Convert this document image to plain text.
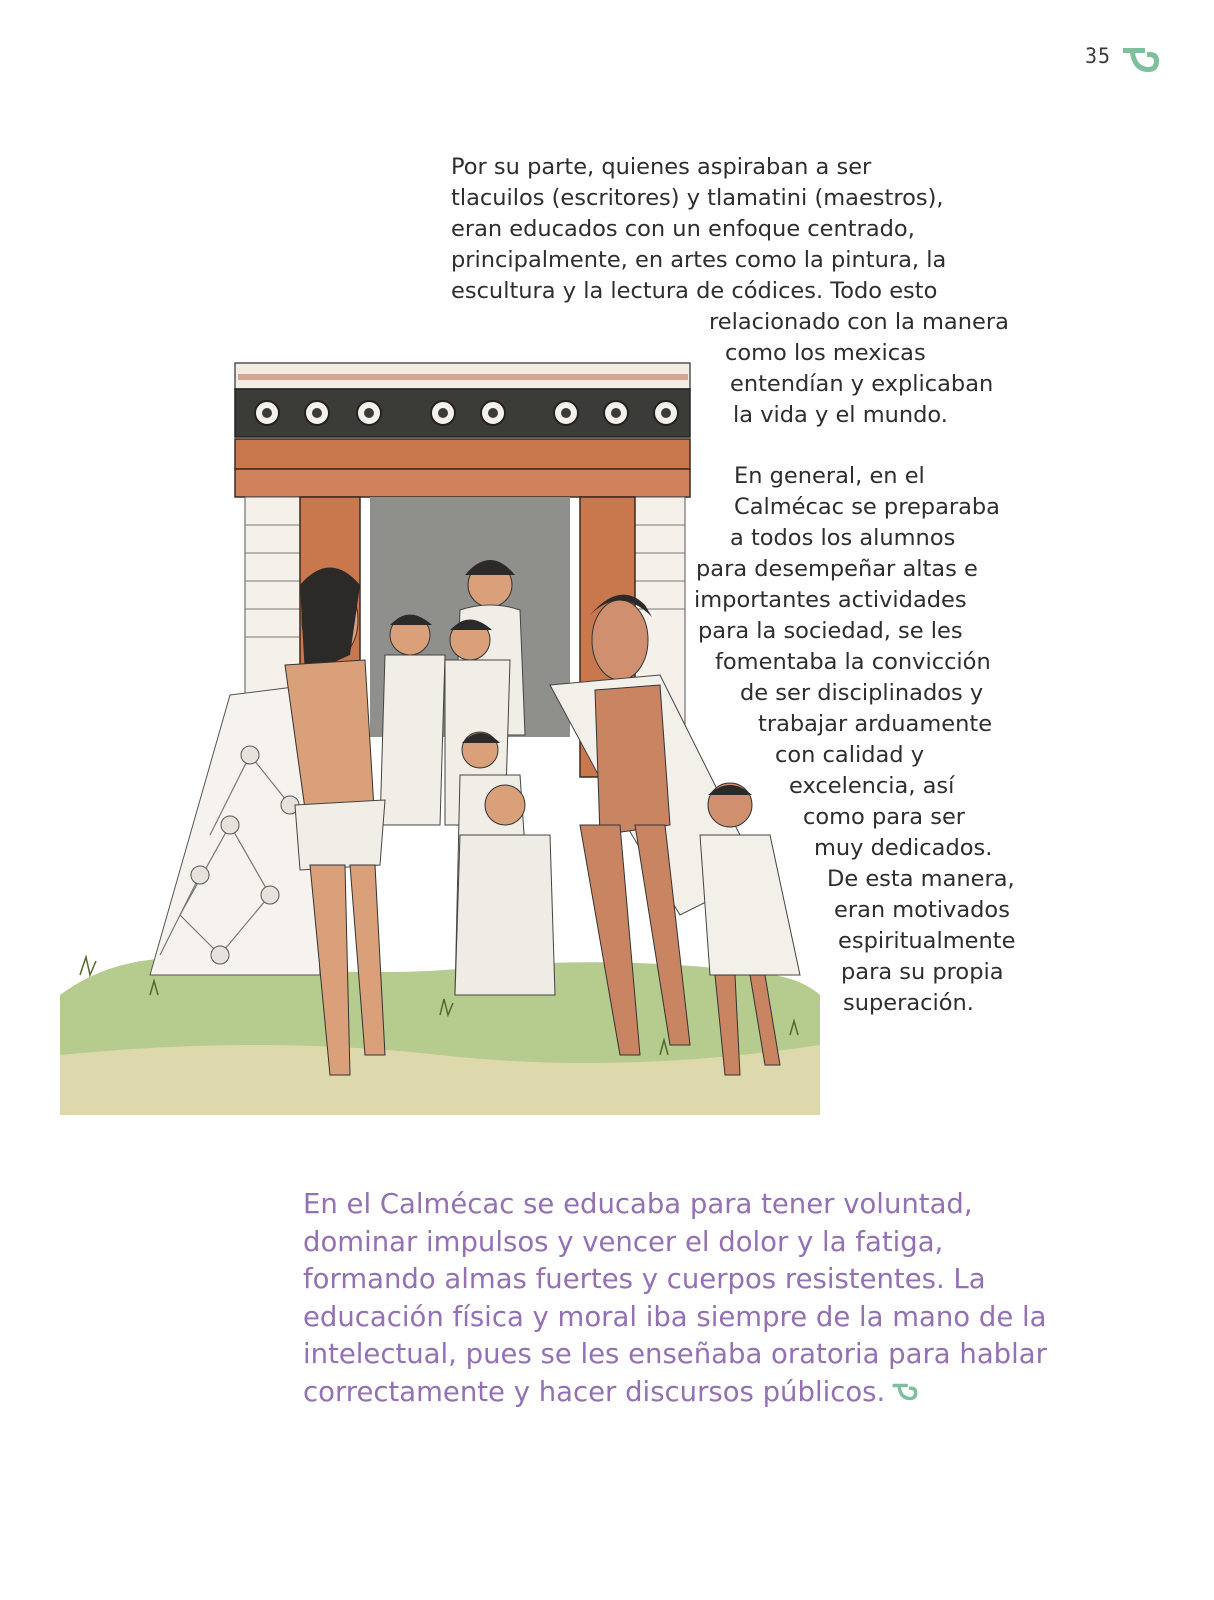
35

Por su parte, quienes aspiraban a ser

tlacuilos (escritores) y tlamatini (maestros),

eran educados con un enfoque centrado,

principalmente, en artes como la pintura, la

escultura y la lectura de códices. Todo esto

relacionado con la manera

como los mexicas

entendían y explicaban

la vida y el mundo.

En general, en el

Calmécac se preparaba

a todos los alumnos

para desempeñar altas e

importantes actividades

para la sociedad, se les

fomentaba la convicción

de ser disciplinados y

trabajar arduamente

con calidad y

excelencia, así

como para ser

muy dedicados.

De esta manera,

eran motivados

espiritualmente

para su propia

superación.

En el Calmécac se educaba para tener voluntad, dominar impulsos y vencer el dolor y la fatiga, formando almas fuertes y cuerpos resistentes. La educación física y moral iba siempre de la mano de la intelectual, pues se les enseñaba oratoria para hablar correctamente y hacer discursos públicos.
